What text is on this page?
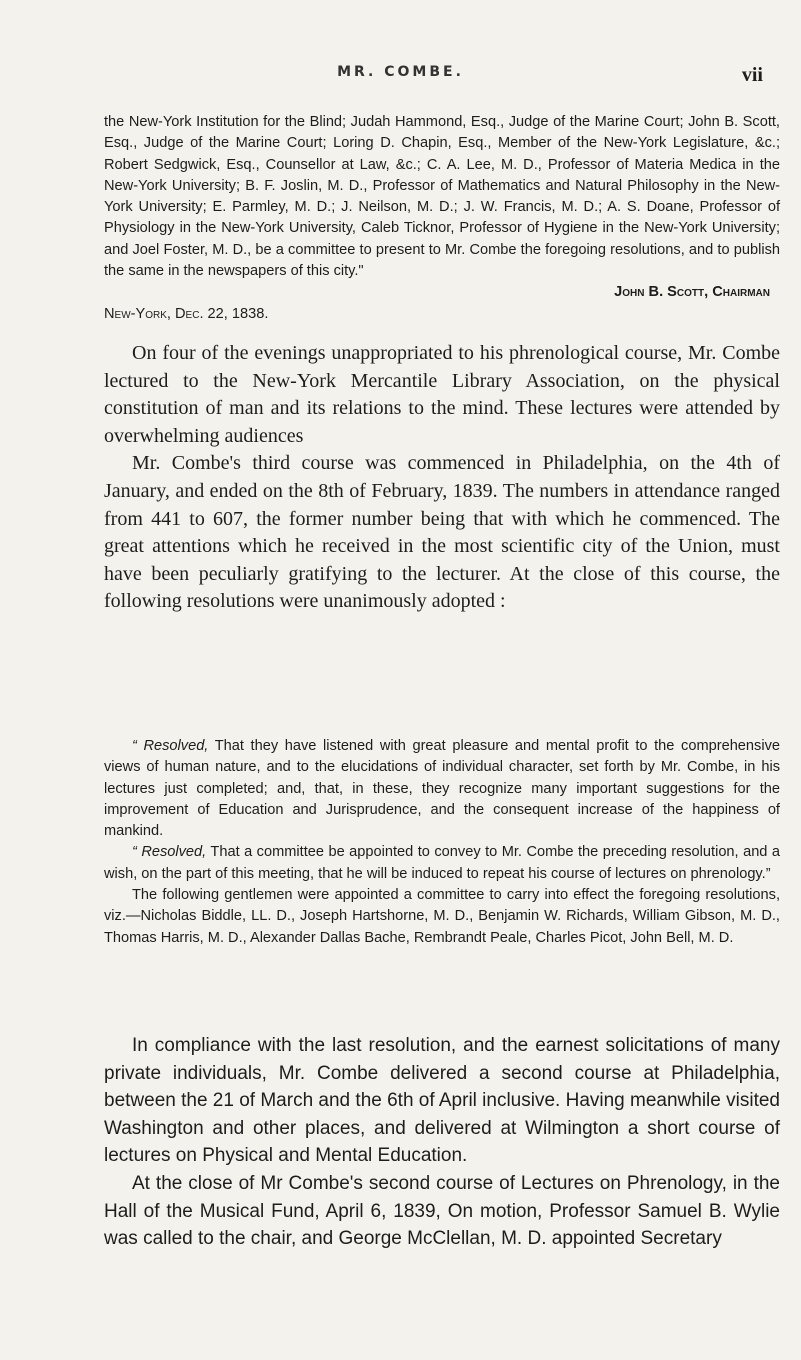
MR. COMBE.	vii

the New-York Institution for the Blind; Judah Hammond, Esq., Judge of the Marine Court; John B. Scott, Esq., Judge of the Marine Court; Loring D. Chapin, Esq., Member of the New-York Legislature, &c.; Robert Sedgwick, Esq., Counsellor at Law, &c.; C. A. Lee, M. D., Professor of Materia Medica in the New-York University; B. F. Joslin, M. D., Professor of Mathematics and Natural Philosophy in the New-York University; E. Parmley, M. D.; J. Neilson, M. D.; J. W. Francis, M. D.; A. S. Doane, Professor of Physiology in the New-York University, Caleb Ticknor, Professor of Hygiene in the New-York University; and Joel Foster, M. D., be a committee to present to Mr. Combe the foregoing resolutions, and to publish the same in the newspapers of this city."

John B. Scott, Chairman

New-York, Dec. 22, 1838.

On four of the evenings unappropriated to his phrenological course, Mr. Combe lectured to the New-York Mercantile Library Association, on the physical constitution of man and its relations to the mind. These lectures were attended by overwhelming audiences

Mr. Combe's third course was commenced in Philadelphia, on the 4th of January, and ended on the 8th of February, 1839. The numbers in attendance ranged from 441 to 607, the former number being that with which he commenced. The great attentions which he received in the most scientific city of the Union, must have been peculiarly gratifying to the lecturer. At the close of this course, the following resolutions were unanimously adopted :

“ Resolved, That they have listened with great pleasure and mental profit to the comprehensive views of human nature, and to the elucidations of individual character, set forth by Mr. Combe, in his lectures just completed; and, that, in these, they recognize many important suggestions for the improvement of Education and Jurisprudence, and the consequent increase of the happiness of mankind.

“ Resolved, That a committee be appointed to convey to Mr. Combe the preceding resolution, and a wish, on the part of this meeting, that he will be induced to repeat his course of lectures on phrenology.”

The following gentlemen were appointed a committee to carry into effect the foregoing resolutions, viz.—Nicholas Biddle, LL. D., Joseph Hartshorne, M. D., Benjamin W. Richards, William Gibson, M. D., Thomas Harris, M. D., Alexander Dallas Bache, Rembrandt Peale, Charles Picot, John Bell, M. D.

In compliance with the last resolution, and the earnest solicitations of many private individuals, Mr. Combe delivered a second course at Philadelphia, between the 21 of March and the 6th of April inclusive. Having meanwhile visited Washington and other places, and delivered at Wilmington a short course of lectures on Physical and Mental Education.

At the close of Mr Combe's second course of Lectures on Phrenology, in the Hall of the Musical Fund, April 6, 1839, On motion, Professor Samuel B. Wylie was called to the chair, and George McClellan, M. D. appointed Secretary
